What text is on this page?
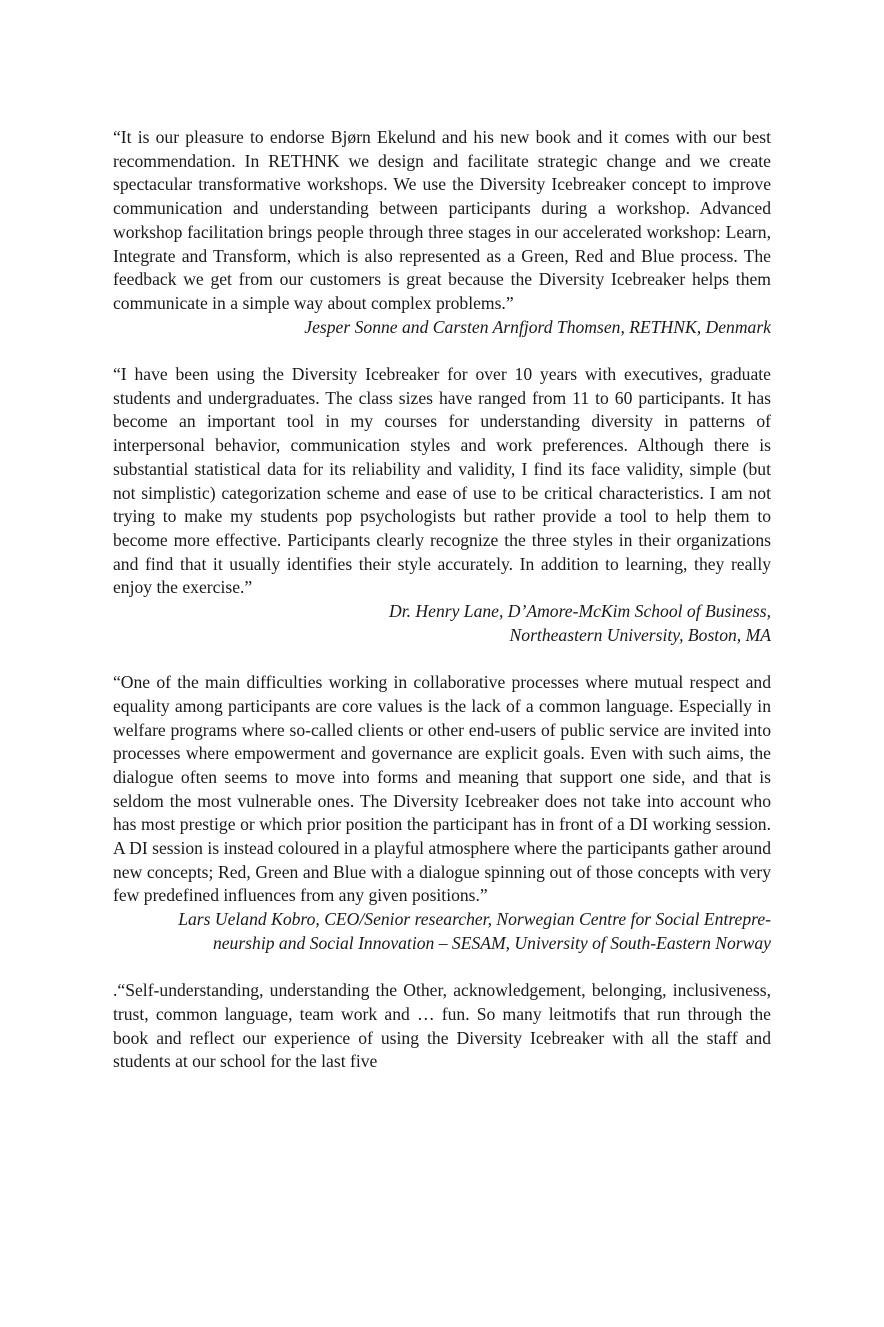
“It is our pleasure to endorse Bjørn Ekelund and his new book and it comes with our best recommendation. In RETHNK we design and facilitate strategic change and we create spectacular transformative workshops. We use the Diversity Icebreaker concept to improve communication and understanding between participants during a workshop. Advanced workshop facilitation brings people through three stages in our accelerated workshop: Learn, Integrate and Transform, which is also represented as a Green, Red and Blue process. The feedback we get from our customers is great because the Diversity Icebreaker helps them communicate in a simple way about complex problems.”

Jesper Sonne and Carsten Arnfjord Thomsen, RETHNK, Denmark

“I have been using the Diversity Icebreaker for over 10 years with executives, graduate students and undergraduates. The class sizes have ranged from 11 to 60 participants. It has become an important tool in my courses for understanding diversity in patterns of interpersonal behavior, communication styles and work preferences. Although there is substantial statistical data for its reliability and validity, I find its face validity, simple (but not simplistic) categorization scheme and ease of use to be critical characteristics. I am not trying to make my students pop psychologists but rather provide a tool to help them to become more effective. Participants clearly recognize the three styles in their organizations and find that it usually identifies their style accurately. In addition to learning, they really enjoy the exercise.”

Dr. Henry Lane, D’Amore-McKim School of Business,
Northeastern University, Boston, MA

“One of the main difficulties working in collaborative processes where mutual respect and equality among participants are core values is the lack of a common language. Especially in welfare programs where so-called clients or other end-users of public service are invited into processes where empowerment and governance are explicit goals. Even with such aims, the dialogue often seems to move into forms and meaning that support one side, and that is seldom the most vulnerable ones. The Diversity Icebreaker does not take into account who has most prestige or which prior position the participant has in front of a DI working session. A DI session is instead coloured in a playful atmosphere where the participants gather around new concepts; Red, Green and Blue with a dialogue spinning out of those concepts with very few predefined influences from any given positions.”

Lars Ueland Kobro, CEO/Senior researcher, Norwegian Centre for Social Entrepre-
neurship and Social Innovation – SESAM, University of South-Eastern Norway

.“Self-understanding, understanding the Other, acknowledgement, belonging, inclusiveness, trust, common language, team work and … fun. So many leitmotifs that run through the book and reflect our experience of using the Diversity Icebreaker with all the staff and students at our school for the last five
